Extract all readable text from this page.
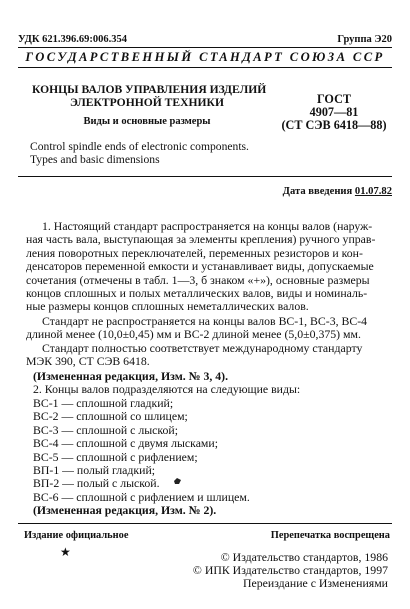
УДК 621.396.69:006.354	Группа Э20
ГОСУДАРСТВЕННЫЙ СТАНДАРТ СОЮЗА ССР
КОНЦЫ ВАЛОВ УПРАВЛЕНИЯ ИЗДЕЛИЙ
ЭЛЕКТРОННОЙ ТЕХНИКИ
Виды и основные размеры
Control spindle ends of electronic components.
Types and basic dimensions
ГОСТ
4907—81
(СТ СЭВ 6418—88)
Дата введения 01.07.82
1. Настоящий стандарт распространяется на концы валов (наруж-
ная часть вала, выступающая за элементы крепления) ручного управ-
ления поворотных переключателей, переменных резисторов и кон-
денсаторов переменной емкости и устанавливает виды, допускаемые
сочетания (отмечены в табл. 1—3, б знаком «+»), основные размеры
концов сплошных и полых металлических валов, виды и номиналь-
ные размеры концов сплошных неметаллических валов.
Стандарт не распространяется на концы валов ВС-1, ВС-3, ВС-4
длиной менее (10,0±0,45) мм и ВС-2 длиной менее (5,0±0,375) мм.
Стандарт полностью соответствует международному стандарту
МЭК 390, СТ СЭВ 6418.
(Измененная редакция, Изм. № 3, 4).
2. Концы валов подразделяются на следующие виды:
ВС-1 — сплошной гладкий;
ВС-2 — сплошной со шлицем;
ВС-3 — сплошной с лыской;
ВС-4 — сплошной с двумя лысками;
ВС-5 — сплошной с рифлением;
ВП-1 — полый гладкий;
ВП-2 — полый с лыской.
ВС-6 — сплошной с рифлением и шлицем.
(Измененная редакция, Изм. № 2).
Издание официальное	Перепечатка воспрещена
★	© Издательство стандартов, 1986
© ИПК Издательство стандартов, 1997
Переиздание с Изменениями
